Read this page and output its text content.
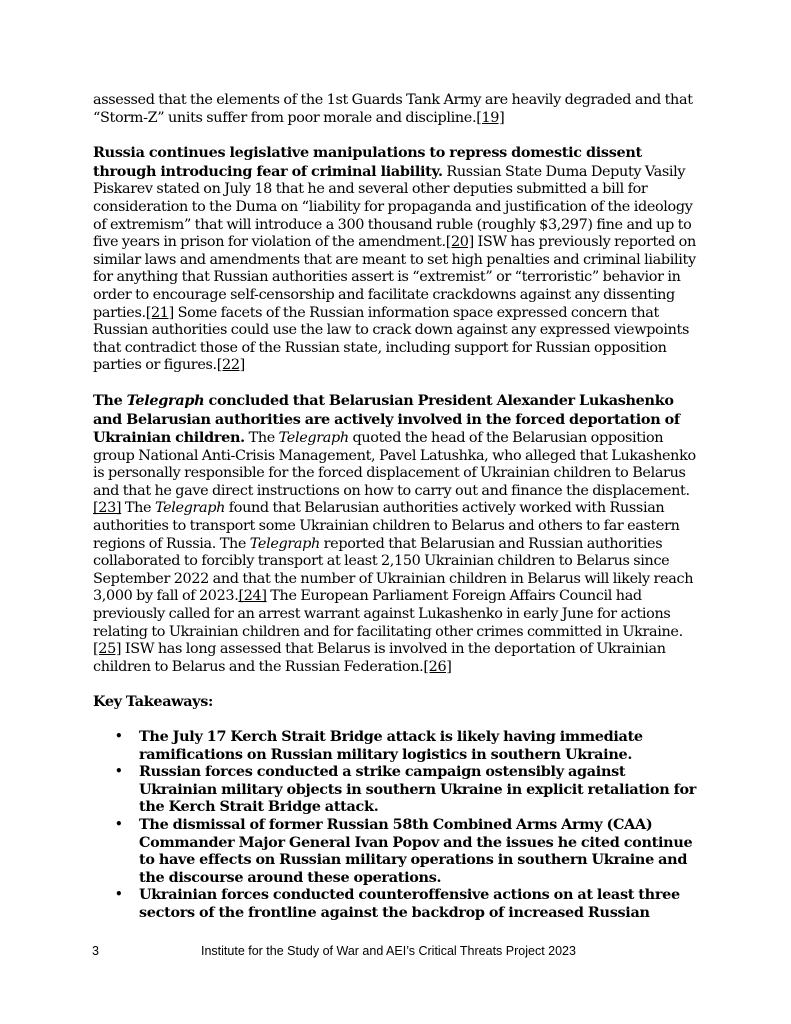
assessed that the elements of the 1st Guards Tank Army are heavily degraded and that “Storm-Z” units suffer from poor morale and discipline.[19]

Russia continues legislative manipulations to repress domestic dissent through introducing fear of criminal liability. Russian State Duma Deputy Vasily Piskarev stated on July 18 that he and several other deputies submitted a bill for consideration to the Duma on “liability for propaganda and justification of the ideology of extremism” that will introduce a 300 thousand ruble (roughly $3,297) fine and up to five years in prison for violation of the amendment.[20] ISW has previously reported on similar laws and amendments that are meant to set high penalties and criminal liability for anything that Russian authorities assert is “extremist” or “terroristic” behavior in order to encourage self-censorship and facilitate crackdowns against any dissenting parties.[21] Some facets of the Russian information space expressed concern that Russian authorities could use the law to crack down against any expressed viewpoints that contradict those of the Russian state, including support for Russian opposition parties or figures.[22]

The Telegraph concluded that Belarusian President Alexander Lukashenko and Belarusian authorities are actively involved in the forced deportation of Ukrainian children. The Telegraph quoted the head of the Belarusian opposition group National Anti-Crisis Management, Pavel Latushka, who alleged that Lukashenko is personally responsible for the forced displacement of Ukrainian children to Belarus and that he gave direct instructions on how to carry out and finance the displacement.[23] The Telegraph found that Belarusian authorities actively worked with Russian authorities to transport some Ukrainian children to Belarus and others to far eastern regions of Russia. The Telegraph reported that Belarusian and Russian authorities collaborated to forcibly transport at least 2,150 Ukrainian children to Belarus since September 2022 and that the number of Ukrainian children in Belarus will likely reach 3,000 by fall of 2023.[24] The European Parliament Foreign Affairs Council had previously called for an arrest warrant against Lukashenko in early June for actions relating to Ukrainian children and for facilitating other crimes committed in Ukraine.[25] ISW has long assessed that Belarus is involved in the deportation of Ukrainian children to Belarus and the Russian Federation.[26]

Key Takeaways:
• The July 17 Kerch Strait Bridge attack is likely having immediate ramifications on Russian military logistics in southern Ukraine.
• Russian forces conducted a strike campaign ostensibly against Ukrainian military objects in southern Ukraine in explicit retaliation for the Kerch Strait Bridge attack.
• The dismissal of former Russian 58th Combined Arms Army (CAA) Commander Major General Ivan Popov and the issues he cited continue to have effects on Russian military operations in southern Ukraine and the discourse around these operations.
• Ukrainian forces conducted counteroffensive actions on at least three sectors of the frontline against the backdrop of increased Russian
3	Institute for the Study of War and AEI’s Critical Threats Project 2023
